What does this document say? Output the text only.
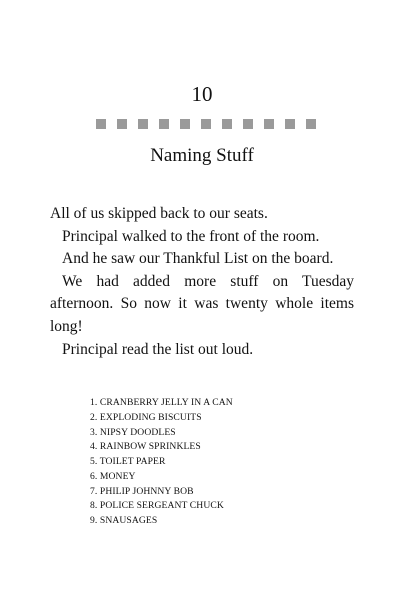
10
Naming Stuff

All of us skipped back to our seats.

Principal walked to the front of the room.

And he saw our Thankful List on the board.

We had added more stuff on Tuesday afternoon. So now it was twenty whole items long!

Principal read the list out loud.

1. CRANBERRY JELLY IN A CAN
2. EXPLODING BISCUITS
3. NIPSY DOODLES
4. RAINBOW SPRINKLES
5. TOILET PAPER
6. MONEY
7. PHILIP JOHNNY BOB
8. POLICE SERGEANT CHUCK
9. SNAUSAGES
